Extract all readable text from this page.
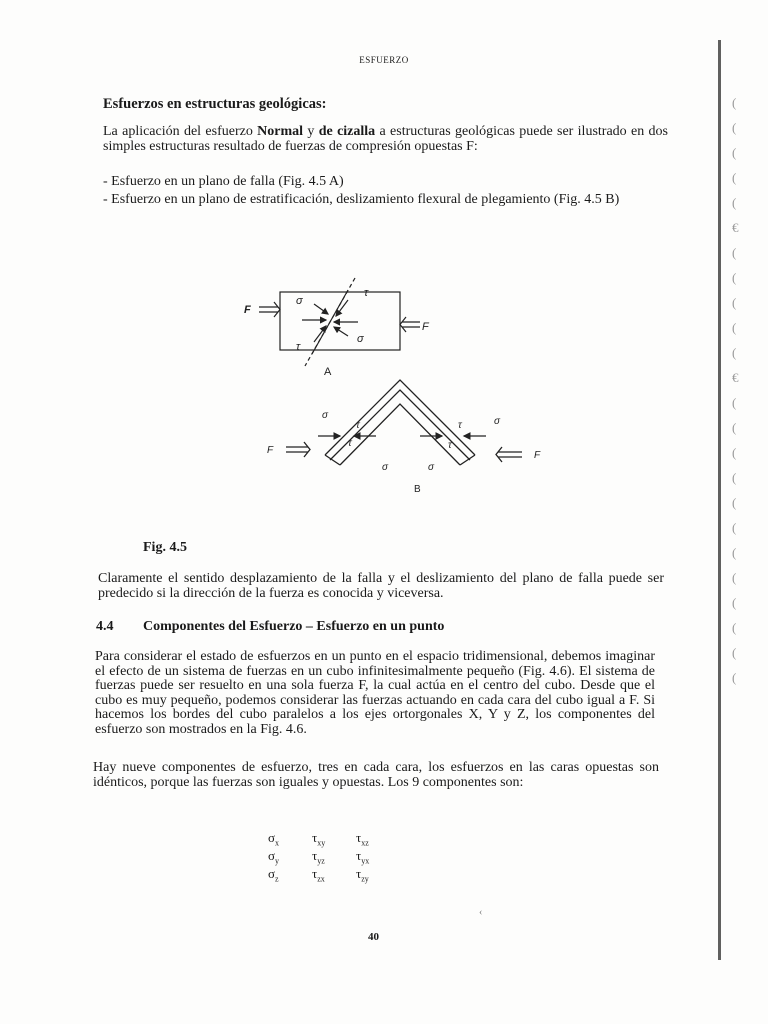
(
(
(
(
(
€
(
(
(
(
(
€
(
(
(
(
(
(
(
(
(
(
(
(
ESFUERZO
Esfuerzos en estructuras geológicas:
La aplicación del esfuerzo Normal y de cizalla a estructuras geológicas puede ser ilustrado en dos simples estructuras resultado de fuerzas de compresión opuestas F:
- Esfuerzo en un plano de falla (Fig. 4.5 A)
- Esfuerzo en un plano de estratificación, deslizamiento flexural de plegamiento (Fig. 4.5 B)
F
F
σ
σ
τ
τ
A
F	F
σ
σ	σ
σ
τ
τ
τ
τ
B
Fig. 4.5
Claramente el sentido desplazamiento de la falla y el deslizamiento del plano de falla puede ser predecido si la dirección de la fuerza es conocida y viceversa.
4.4 Componentes del Esfuerzo – Esfuerzo en un punto
Para considerar el estado de esfuerzos en un punto en el espacio tridimensional, debemos imaginar el efecto de un sistema de fuerzas en un cubo infinitesimalmente pequeño (Fig. 4.6). El sistema de fuerzas puede ser resuelto en una sola fuerza F, la cual actúa en el centro del cubo. Desde que el cubo es muy pequeño, podemos considerar las fuerzas actuando en cada cara del cubo igual a F. Si hacemos los bordes del cubo paralelos a los ejes ortorgonales X, Y y Z, los componentes del esfuerzo son mostrados en la Fig. 4.6.
Hay nueve componentes de esfuerzo, tres en cada cara, los esfuerzos en las caras opuestas son idénticos, porque las fuerzas son iguales y opuestas. Los 9 componentes son:
$\sigma_x$	$\tau_{xy}$	$\tau_{xz}$
$\sigma_y$	$\tau_{yz}$	$\tau_{yx}$
$\sigma_z$	$\tau_{zx}$	$\tau_{zy}$
‹
40
